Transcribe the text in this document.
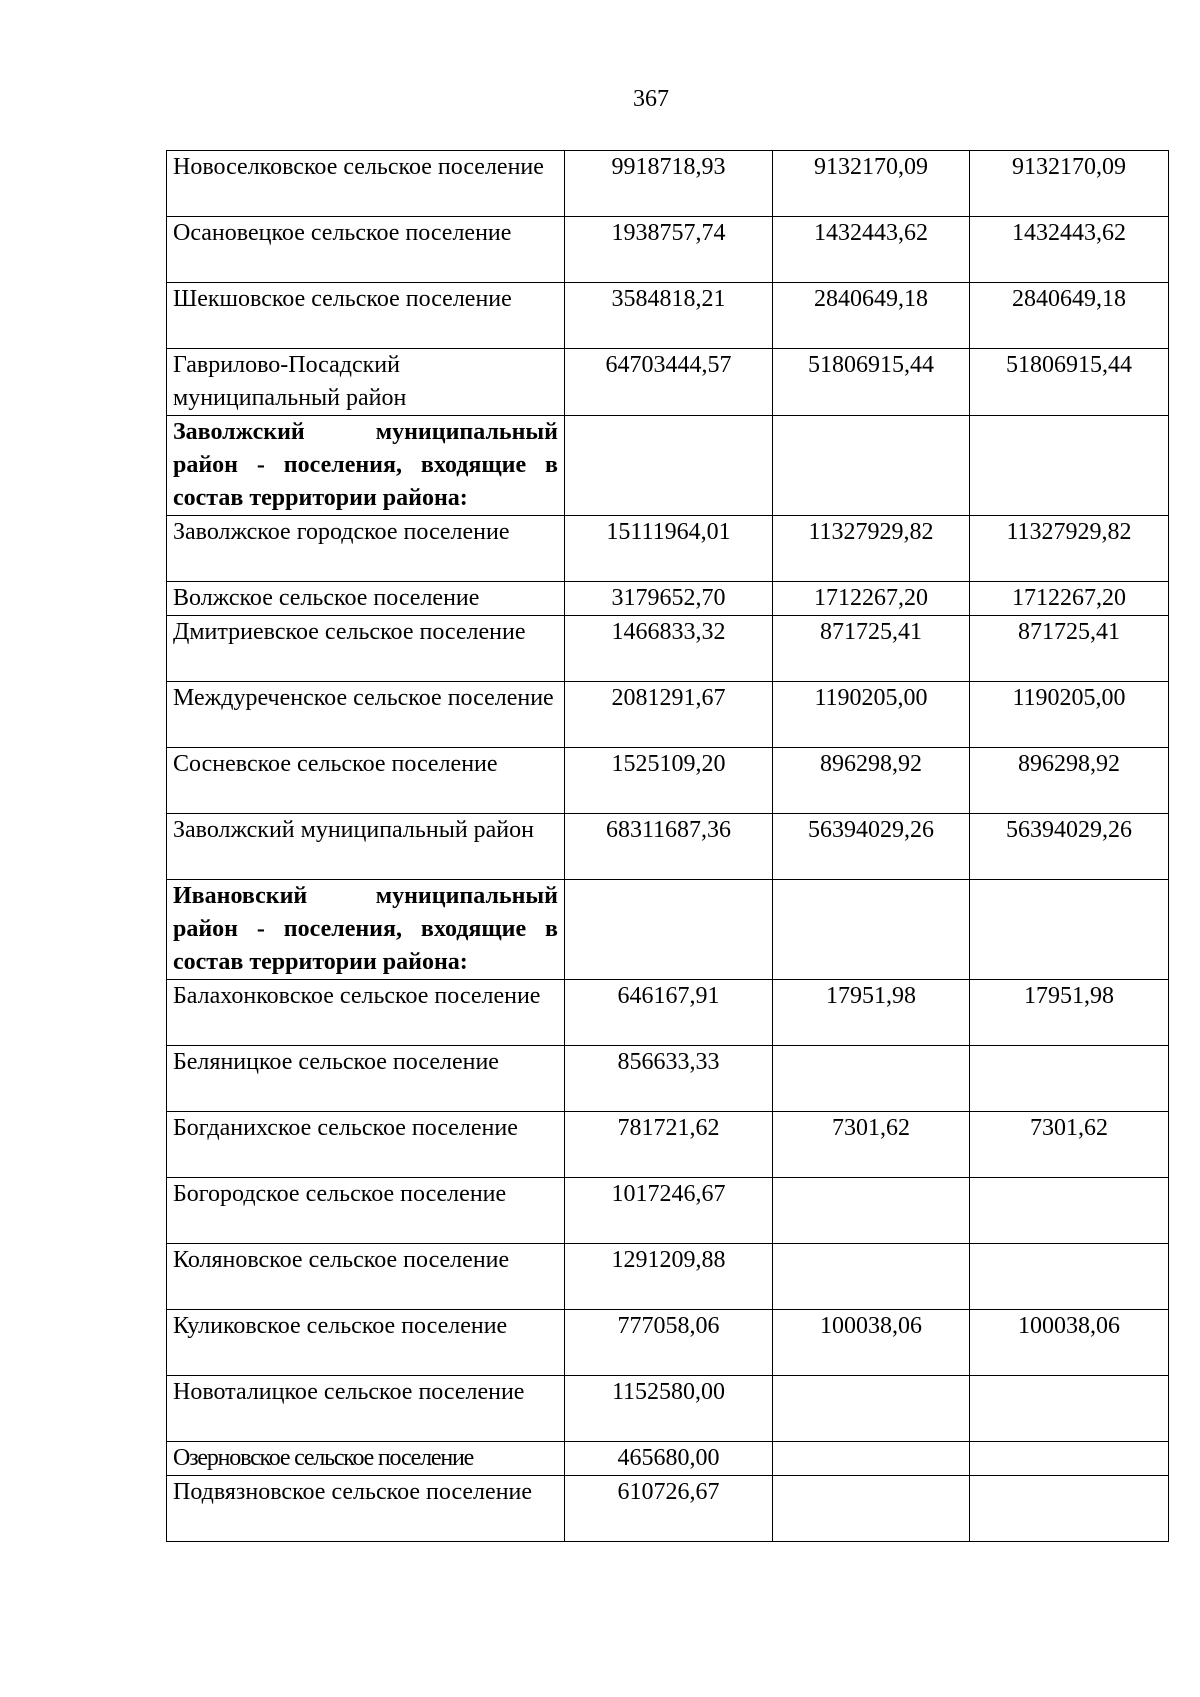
367
Новоселковское сельское поселение	9918718,93	9132170,09	9132170,09
Осановецкое сельское поселение	1938757,74	1432443,62	1432443,62
Шекшовское сельское поселение	3584818,21	2840649,18	2840649,18
Гаврилово-Посадский муниципальный район	64703444,57	51806915,44	51806915,44
Заволжский муниципальный район - поселения, входящие в состав территории района:			
Заволжское городское поселение	15111964,01	11327929,82	11327929,82
Волжское сельское поселение	3179652,70	1712267,20	1712267,20
Дмитриевское сельское поселение	1466833,32	871725,41	871725,41
Междуреченское сельское поселение	2081291,67	1190205,00	1190205,00
Сосневское сельское поселение	1525109,20	896298,92	896298,92
Заволжский муниципальный район	68311687,36	56394029,26	56394029,26
Ивановский муниципальный район - поселения, входящие в состав территории района:			
Балахонковское сельское поселение	646167,91	17951,98	17951,98
Беляницкое сельское поселение	856633,33		
Богданихское сельское поселение	781721,62	7301,62	7301,62
Богородское сельское поселение	1017246,67		
Коляновское сельское поселение	1291209,88		
Куликовское сельское поселение	777058,06	100038,06	100038,06
Новоталицкое сельское поселение	1152580,00		
Озерновское сельское поселение	465680,00		
Подвязновское сельское поселение	610726,67		
